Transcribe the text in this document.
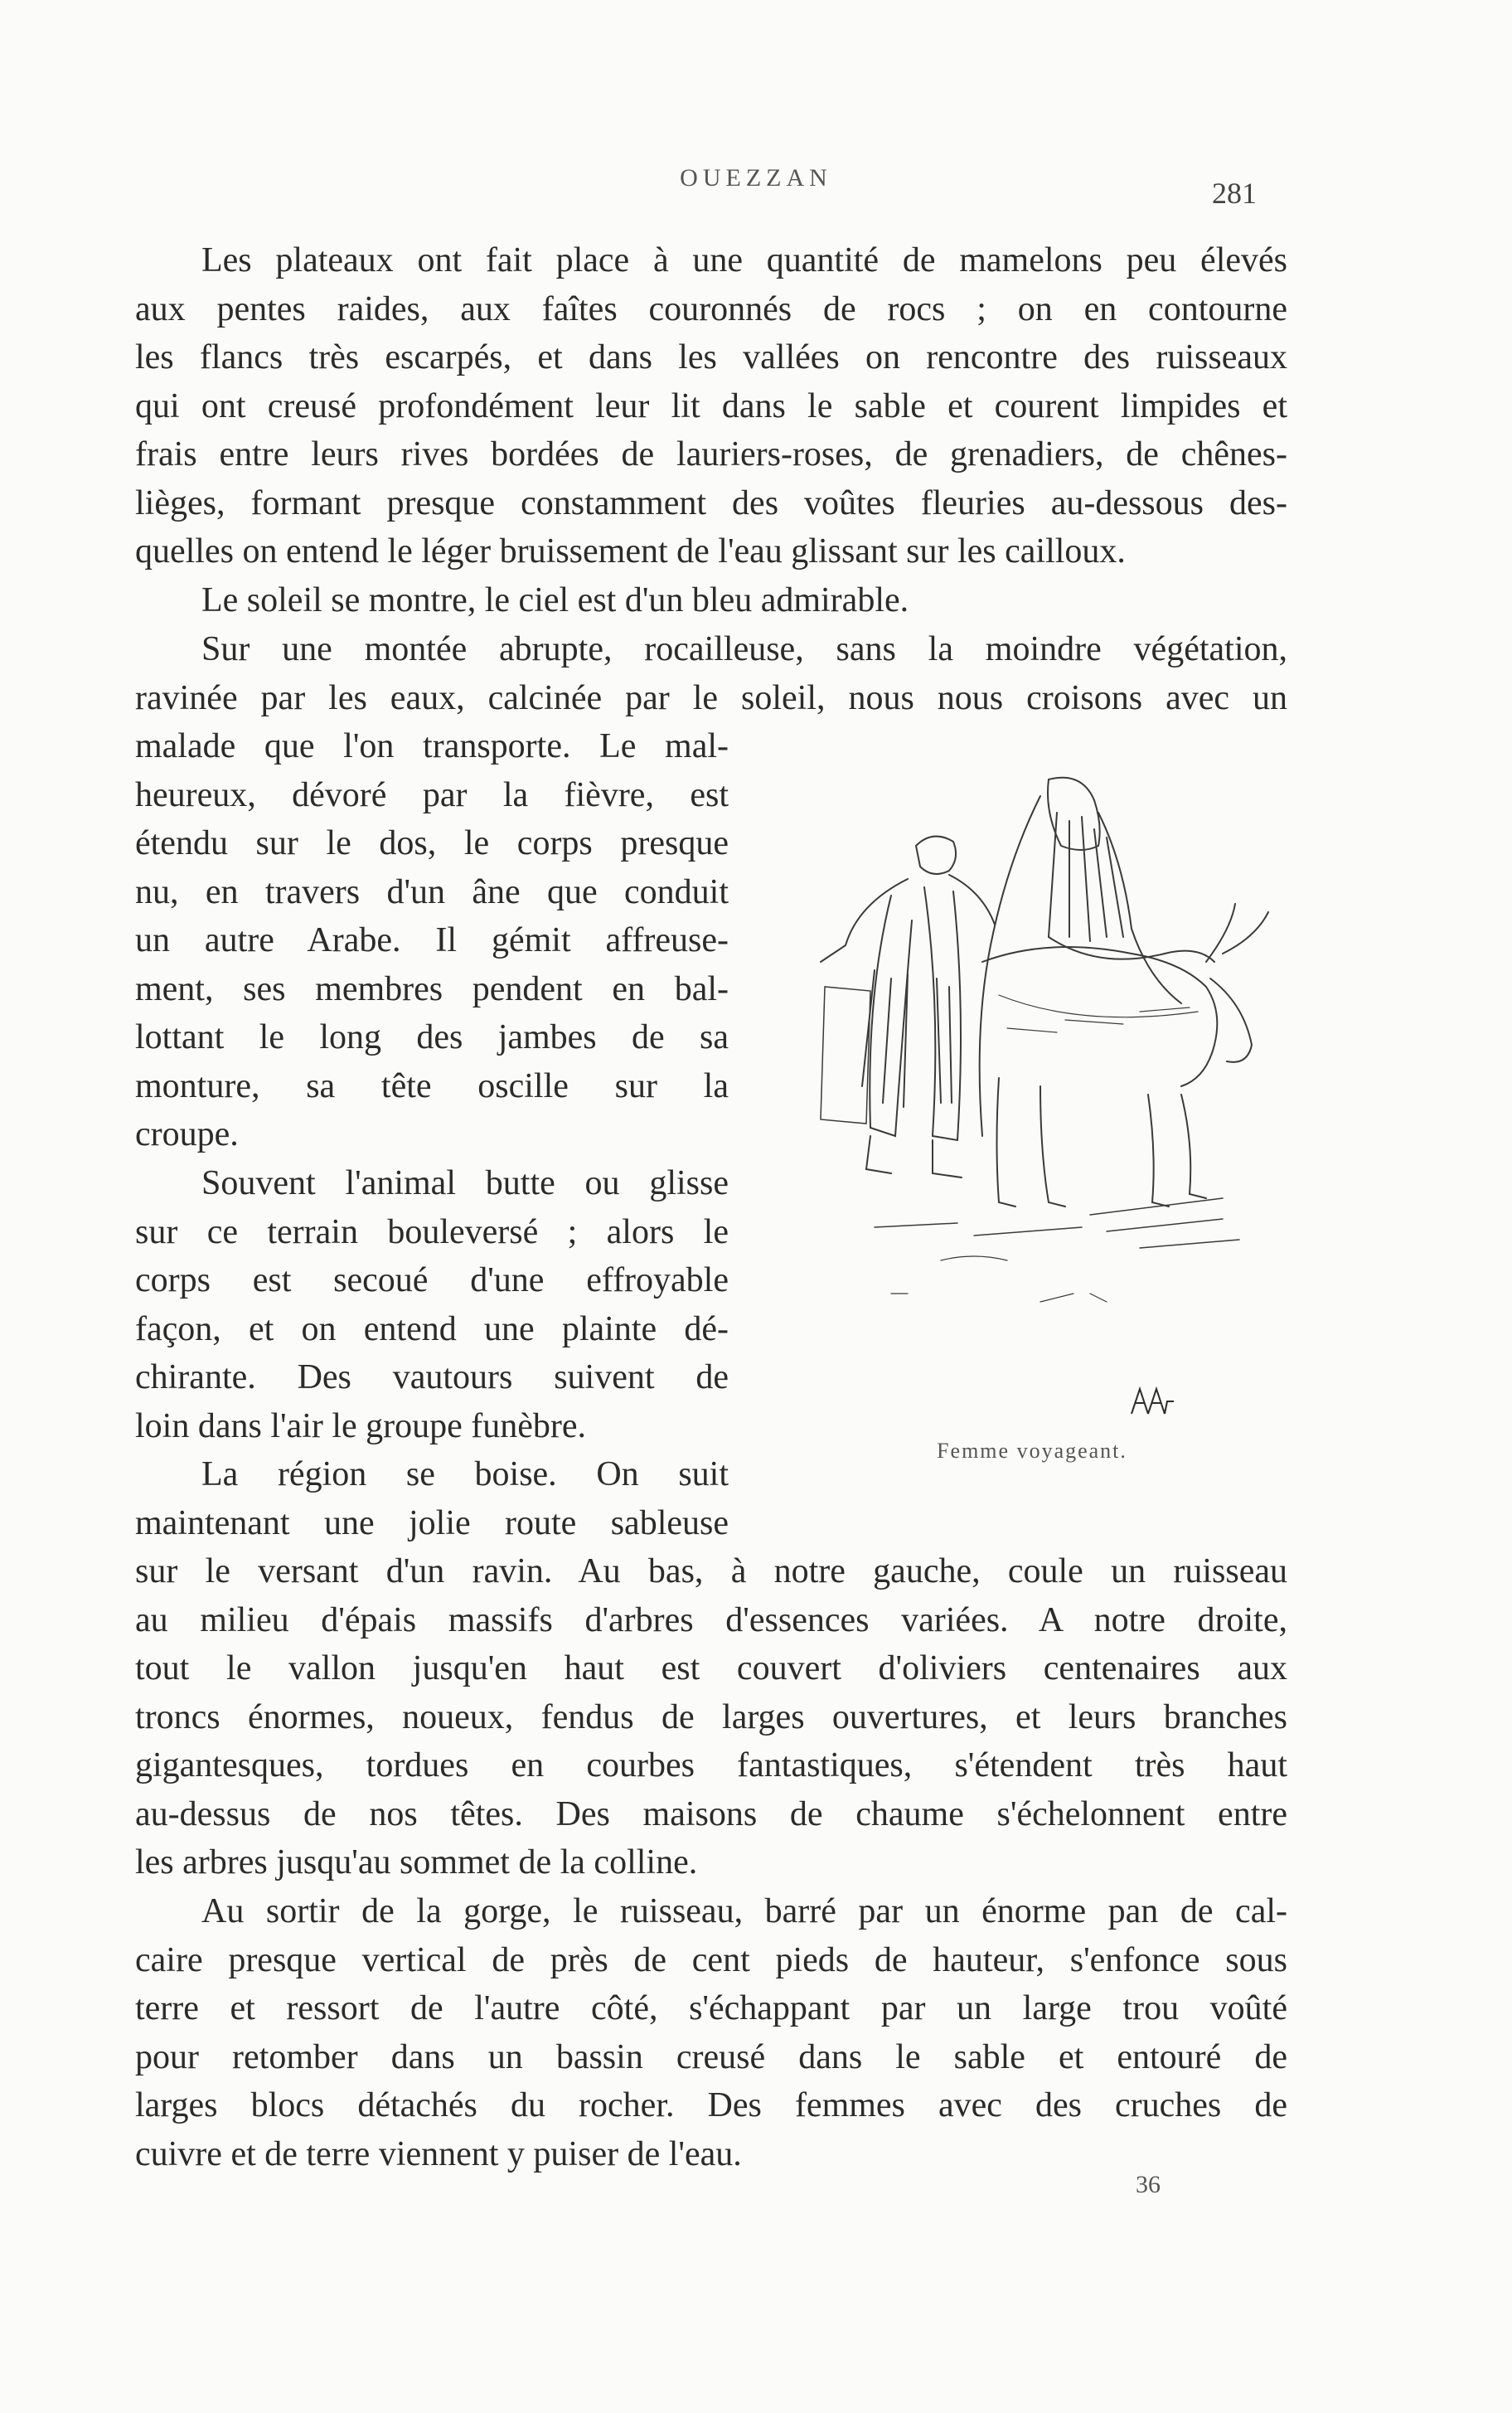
OUEZZAN	281
Les plateaux ont fait place à une quantité de mamelons peu élevés
aux pentes raides, aux faîtes couronnés de rocs ; on en contourne
les flancs très escarpés, et dans les vallées on rencontre des ruisseaux
qui ont creusé profondément leur lit dans le sable et courent limpides et
frais entre leurs rives bordées de lauriers-roses, de grenadiers, de chênes-
lièges, formant presque constamment des voûtes fleuries au-dessous des-
quelles on entend le léger bruissement de l'eau glissant sur les cailloux.
Le soleil se montre, le ciel est d'un bleu admirable.
Sur une montée abrupte, rocailleuse, sans la moindre végétation,
ravinée par les eaux, calcinée par le soleil, nous nous croisons avec un
malade que l'on transporte. Le mal-
heureux, dévoré par la fièvre, est
étendu sur le dos, le corps presque
nu, en travers d'un âne que conduit
un autre Arabe. Il gémit affreuse-
ment, ses membres pendent en bal-
lottant le long des jambes de sa
monture, sa tête oscille sur la
croupe.
Souvent l'animal butte ou glisse
sur ce terrain bouleversé ; alors le
corps est secoué d'une effroyable
façon, et on entend une plainte dé-
chirante. Des vautours suivent de
loin dans l'air le groupe funèbre.
La région se boise. On suit
maintenant une jolie route sableuse
sur le versant d'un ravin. Au bas, à notre gauche, coule un ruisseau
au milieu d'épais massifs d'arbres d'essences variées. A notre droite,
tout le vallon jusqu'en haut est couvert d'oliviers centenaires aux
troncs énormes, noueux, fendus de larges ouvertures, et leurs branches
gigantesques, tordues en courbes fantastiques, s'étendent très haut
au-dessus de nos têtes. Des maisons de chaume s'échelonnent entre
les arbres jusqu'au sommet de la colline.
Au sortir de la gorge, le ruisseau, barré par un énorme pan de cal-
caire presque vertical de près de cent pieds de hauteur, s'enfonce sous
terre et ressort de l'autre côté, s'échappant par un large trou voûté
pour retomber dans un bassin creusé dans le sable et entouré de
larges blocs détachés du rocher. Des femmes avec des cruches de
cuivre et de terre viennent y puiser de l'eau.
Femme voyageant.
36
